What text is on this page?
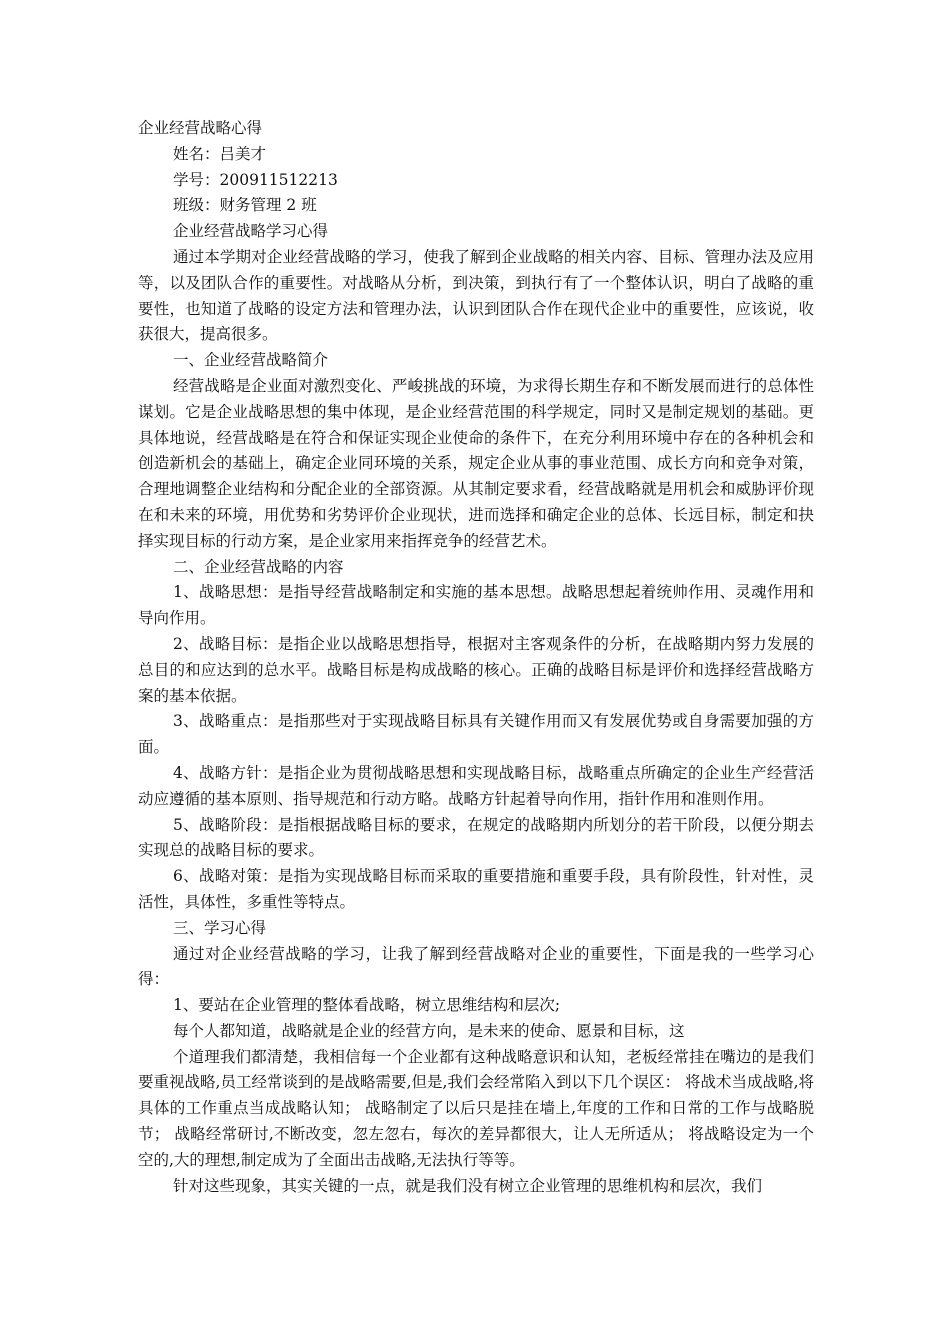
企业经营战略心得
姓名：吕美才
学号：200911512213
班级：财务管理 2 班
企业经营战略学习心得
通过本学期对企业经营战略的学习，使我了解到企业战略的相关内容、目标、管理办法及应用等，以及团队合作的重要性。对战略从分析，到决策，到执行有了一个整体认识，明白了战略的重要性，也知道了战略的设定方法和管理办法，认识到团队合作在现代企业中的重要性，应该说，收获很大，提高很多。
一、企业经营战略简介
经营战略是企业面对激烈变化、严峻挑战的环境，为求得长期生存和不断发展而进行的总体性谋划。它是企业战略思想的集中体现，是企业经营范围的科学规定，同时又是制定规划的基础。更具体地说，经营战略是在符合和保证实现企业使命的条件下，在充分利用环境中存在的各种机会和创造新机会的基础上，确定企业同环境的关系，规定企业从事的事业范围、成长方向和竞争对策，合理地调整企业结构和分配企业的全部资源。从其制定要求看，经营战略就是用机会和威胁评价现在和未来的环境，用优势和劣势评价企业现状，进而选择和确定企业的总体、长远目标，制定和抉择实现目标的行动方案，是企业家用来指挥竞争的经营艺术。
二、企业经营战略的内容
1、战略思想：是指导经营战略制定和实施的基本思想。战略思想起着统帅作用、灵魂作用和导向作用。
2、战略目标：是指企业以战略思想指导，根据对主客观条件的分析，在战略期内努力发展的总目的和应达到的总水平。战略目标是构成战略的核心。正确的战略目标是评价和选择经营战略方案的基本依据。
3、战略重点：是指那些对于实现战略目标具有关键作用而又有发展优势或自身需要加强的方面。
4、战略方针：是指企业为贯彻战略思想和实现战略目标，战略重点所确定的企业生产经营活动应遵循的基本原则、指导规范和行动方略。战略方针起着导向作用，指针作用和准则作用。
5、战略阶段：是指根据战略目标的要求，在规定的战略期内所划分的若干阶段，以便分期去实现总的战略目标的要求。
6、战略对策：是指为实现战略目标而采取的重要措施和重要手段，具有阶段性，针对性，灵活性，具体性，多重性等特点。
三、学习心得
通过对企业经营战略的学习，让我了解到经营战略对企业的重要性，下面是我的一些学习心得：
1、要站在企业管理的整体看战略，树立思维结构和层次;
每个人都知道，战略就是企业的经营方向，是未来的使命、愿景和目标，这
个道理我们都清楚，我相信每一个企业都有这种战略意识和认知，老板经常挂在嘴边的是我们要重视战略,员工经常谈到的是战略需要,但是,我们会经常陷入到以下几个误区： 将战术当成战略,将具体的工作重点当成战略认知； 战略制定了以后只是挂在墙上,年度的工作和日常的工作与战略脱节； 战略经常研讨,不断改变，忽左忽右，每次的差异都很大，让人无所适从； 将战略设定为一个空的,大的理想,制定成为了全面出击战略,无法执行等等。
针对这些现象，其实关键的一点，就是我们没有树立企业管理的思维机构和层次，我们
